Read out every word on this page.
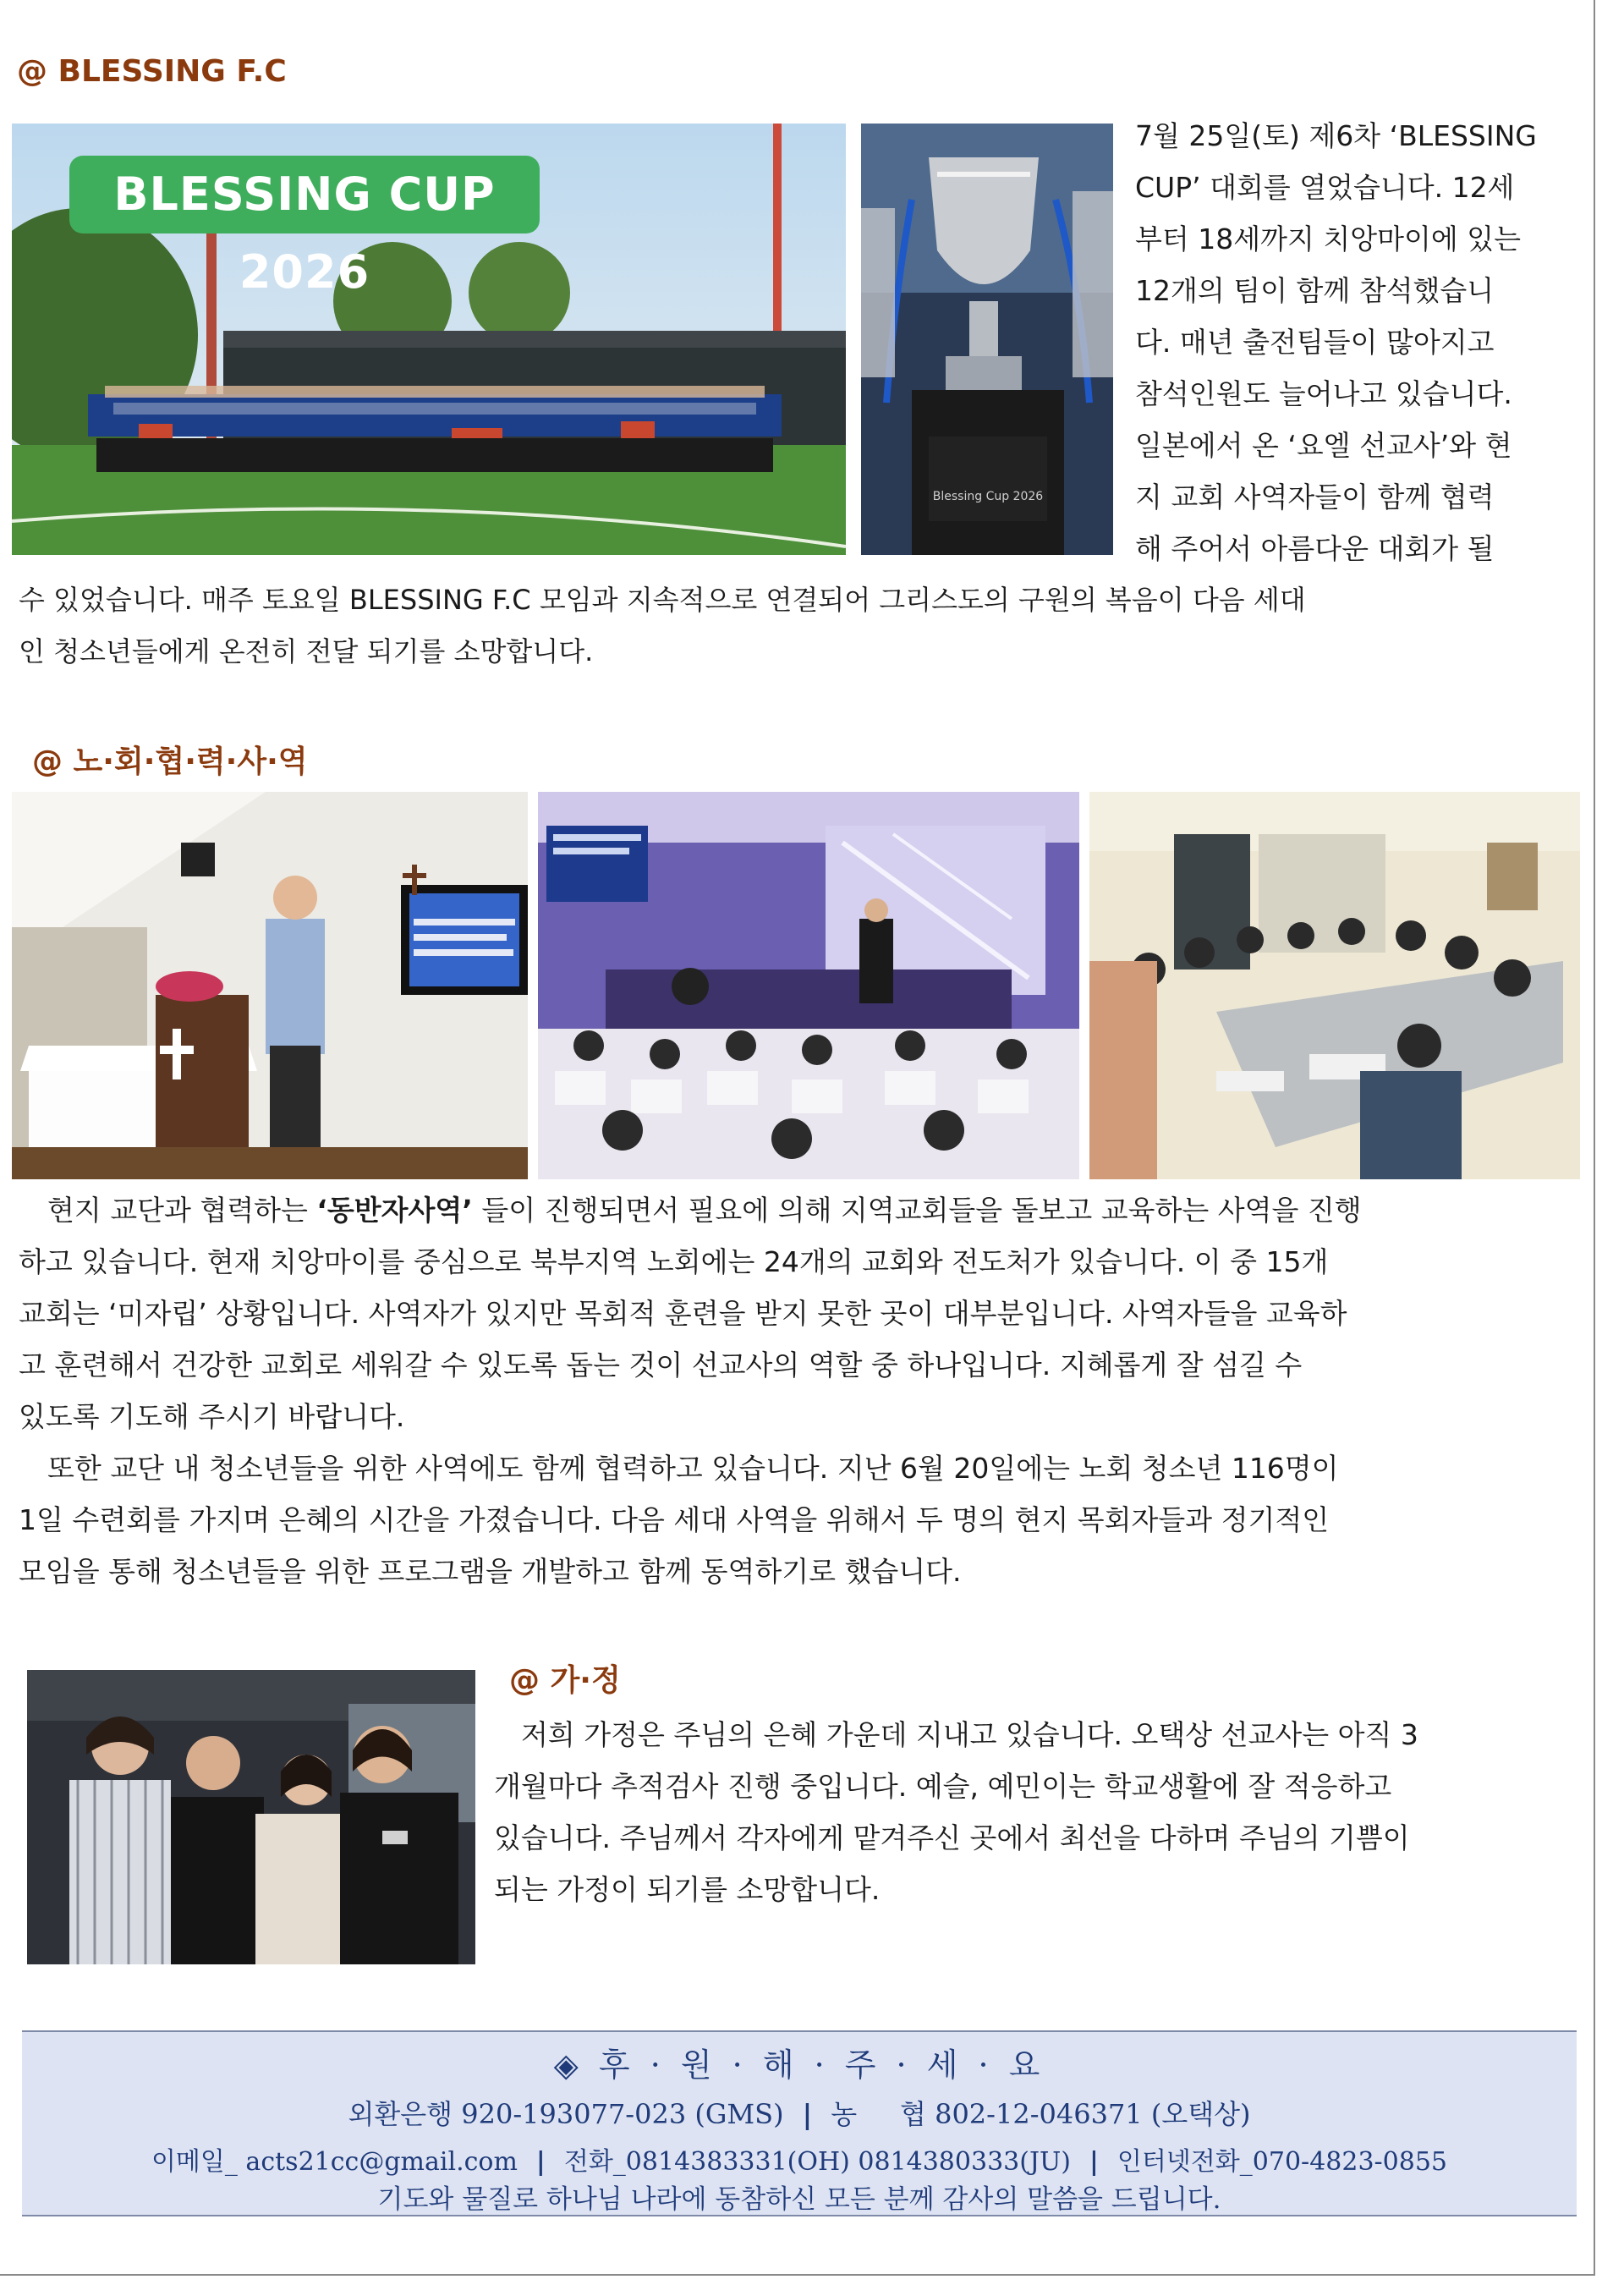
@ BLESSING F.C
BLESSING CUP 2026
Blessing Cup 2026
7월 25일(토) 제6차 ‘BLESSING
CUP’ 대회를 열었습니다. 12세
부터 18세까지 치앙마이에 있는
12개의 팀이 함께 참석했습니
다. 매년 출전팀들이 많아지고
참석인원도 늘어나고 있습니다.
일본에서 온 ‘요엘 선교사’와 현
지 교회 사역자들이 함께 협력
해 주어서 아름다운 대회가 될
수 있었습니다. 매주 토요일 BLESSING F.C 모임과 지속적으로 연결되어 그리스도의 구원의 복음이 다음 세대
인 청소년들에게 온전히 전달 되기를 소망합니다.
@ 노·회·협·력·사·역
현지 교단과 협력하는 ‘동반자사역’ 들이 진행되면서 필요에 의해 지역교회들을 돌보고 교육하는 사역을 진행
하고 있습니다. 현재 치앙마이를 중심으로 북부지역 노회에는 24개의 교회와 전도처가 있습니다. 이 중 15개
교회는 ‘미자립’ 상황입니다. 사역자가 있지만 목회적 훈련을 받지 못한 곳이 대부분입니다. 사역자들을 교육하
고 훈련해서 건강한 교회로 세워갈 수 있도록 돕는 것이 선교사의 역할 중 하나입니다. 지혜롭게 잘 섬길 수
있도록 기도해 주시기 바랍니다.
또한 교단 내 청소년들을 위한 사역에도 함께 협력하고 있습니다. 지난 6월 20일에는 노회 청소년 116명이
1일 수련회를 가지며 은혜의 시간을 가졌습니다. 다음 세대 사역을 위해서 두 명의 현지 목회자들과 정기적인
모임을 통해 청소년들을 위한 프로그램을 개발하고 함께 동역하기로 했습니다.
@ 가·정
저희 가정은 주님의 은혜 가운데 지내고 있습니다. 오택상 선교사는 아직 3
개월마다 추적검사 진행 중입니다. 예슬, 예민이는 학교생활에 잘 적응하고
있습니다. 주님께서 각자에게 맡겨주신 곳에서 최선을 다하며 주님의 기쁨이
되는 가정이 되기를 소망합니다.
◈ 후 · 원 · 해 · 주 · 세 · 요
외환은행 920-193077-023 (GMS) | 농     협 802-12-046371 (오택상)
이메일_ acts21cc@gmail.com | 전화_0814383331(OH) 0814380333(JU) | 인터넷전화_070-4823-0855
기도와 물질로 하나님 나라에 동참하신 모든 분께 감사의 말씀을 드립니다.
